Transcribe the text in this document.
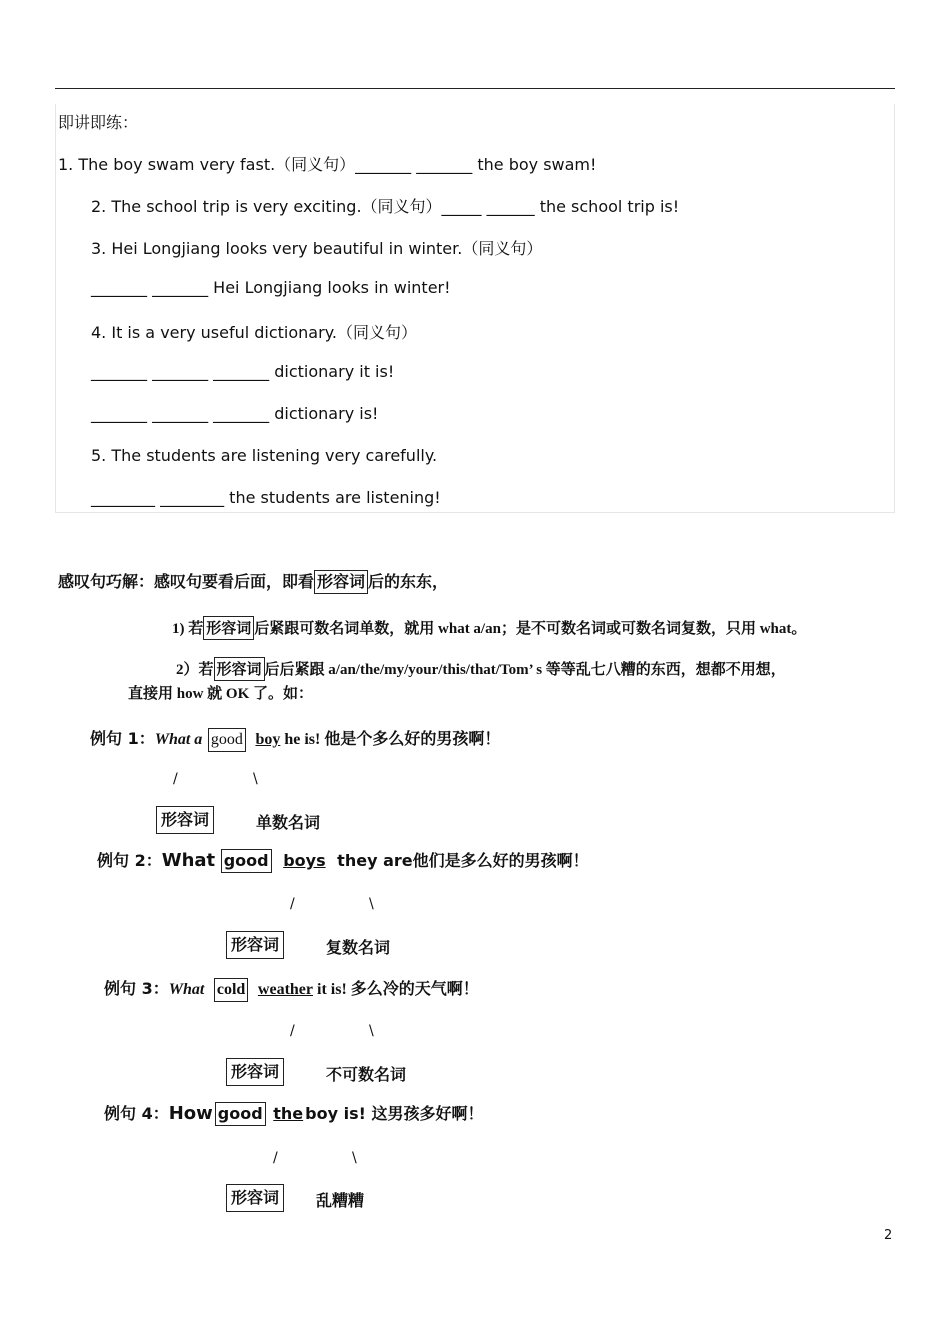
即讲即练：
1. The boy swam very fast.（同义句）_______ _______ the boy swam!
2. The school trip is very exciting.（同义句）_____ ______ the school trip is!
3. Hei Longjiang looks very beautiful in winter.（同义句）
_______ _______ Hei Longjiang looks in winter!
4. It is a very useful dictionary.（同义句）
_______ _______ _______ dictionary it is!
_______ _______ _______ dictionary is!
5. The students are listening very carefully.
________ ________ the students are listening!
感叹句巧解：感叹句要看后面，即看 形容词 后的东东，
1) 若 形容词 后紧跟可数名词单数，就用 what a/an；是不可数名词或可数名词复数，只用 what。
2）若 形容词 后后紧跟 a/an/the/my/your/this/that/Tom’ s 等等乱七八糟的东西，想都不用想，
直接用 how 就 OK 了。如：
例句 1：What a good boy he is! 他是个多么好的男孩啊！
/	\
形容词	单数名词
例句 2：What good boys they are他们是多么好的男孩啊！
/	\
形容词	复数名词
例句 3：What cold weather it is! 多么冷的天气啊！
/	\
形容词	不可数名词
例句 4：How good the boy is! 这男孩多好啊！
/	\
形容词	乱糟糟
2
